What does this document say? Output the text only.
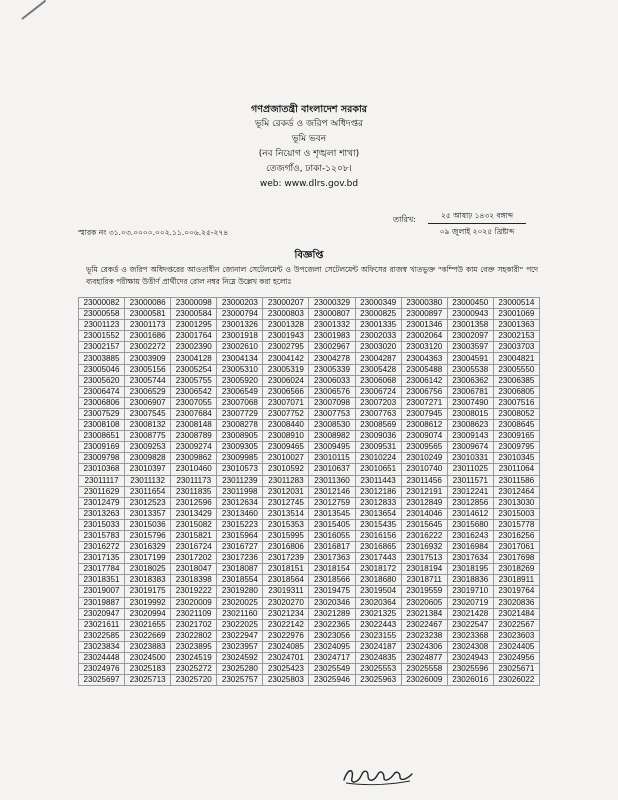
গণপ্রজাতন্ত্রী বাংলাদেশ সরকার
ভূমি রেকর্ড ও জরিপ অধিদপ্তর
ভূমি ভবন
(নব নিয়োগ ও শৃঙ্খলা শাখা)
তেজগাঁও, ঢাকা-১২০৮।
web: www.dlrs.gov.bd
স্মারক নং ৩১.০৩.০০০০.০০২.১১.০০৬.২৫-২৭৪
তারিখ:	২৫ আষাঢ় ১৪৩২ বঙ্গাব্দ
০৯ জুলাই ২০২৫ খ্রিষ্টাব্দ
বিজ্ঞপ্তি
ভূমি রেকর্ড ও জরিপ অধিদপ্তরের আওতাধীন জোনাল সেটেলমেন্ট ও উপজেলা সেটেলমেন্ট অফিসের রাজস্ব খাতভুক্ত "কম্পিউ কাম বেক্ত সহকারী" পদে ব্যবহারিক পরীক্ষায় উত্তীর্ণ প্রার্থীদের রোল নম্বর নিম্নে উল্লেখ করা হলোঃ
23000082	23000086	23000098	23000203	23000207	23000329	23000349	23000380	23000450	23000514
23000558	23000581	23000584	23000794	23000803	23000807	23000825	23000897	23000943	23001069
23001123	23001173	23001295	23001326	23001328	23001332	23001335	23001346	23001358	23001363
23001552	23001686	23001764	23001918	23001943	23001983	23002033	23002064	23002097	23002153
23002157	23002272	23002390	23002610	23002795	23002967	23003020	23003120	23003597	23003703
23003885	23003909	23004128	23004134	23004142	23004278	23004287	23004363	23004591	23004821
23005046	23005156	23005254	23005310	23005319	23005339	23005428	23005488	23005538	23005550
23005620	23005744	23005755	23005920	23006024	23006033	23006068	23006142	23006362	23006385
23006474	23006529	23006542	23006549	23006566	23006576	23006724	23006756	23006781	23006805
23006806	23006907	23007055	23007068	23007071	23007098	23007203	23007271	23007490	23007516
23007529	23007545	23007684	23007729	23007752	23007753	23007763	23007945	23008015	23008052
23008108	23008132	23008148	23008278	23008440	23008530	23008569	23008612	23008623	23008645
23008651	23008775	23008789	23008905	23008910	23008982	23009036	23009074	23009143	23009165
23009169	23009253	23009274	23009305	23009465	23009495	23009531	23009565	23009674	23009795
23009798	23009828	23009862	23009985	23010027	23010115	23010224	23010249	23010331	23010345
23010368	23010397	23010460	23010573	23010592	23010637	23010651	23010740	23011025	23011064
23011117	23011132	23011173	23011239	23011283	23011360	23011443	23011456	23011571	23011586
23011629	23011654	23011835	23011998	23012031	23012146	23012186	23012191	23012241	23012464
23012479	23012523	23012596	23012634	23012745	23012759	23012833	23012849	23012856	23013030
23013263	23013357	23013429	23013460	23013514	23013545	23013654	23014046	23014612	23015003
23015033	23015036	23015082	23015223	23015353	23015405	23015435	23015645	23015680	23015778
23015783	23015796	23015821	23015964	23015995	23016055	23016156	23016222	23016243	23016256
23016272	23016329	23016724	23016727	23016806	23016817	23016865	23016932	23016984	23017061
23017135	23017199	23017202	23017236	23017239	23017363	23017443	23017513	23017634	23017698
23017784	23018025	23018047	23018087	23018151	23018154	23018172	23018194	23018195	23018269
23018351	23018383	23018398	23018554	23018564	23018566	23018680	23018711	23018836	23018911
23019007	23019175	23019222	23019280	23019311	23019475	23019504	23019559	23019710	23019764
23019887	23019992	23020009	23020025	23020270	23020346	23020364	23020605	23020719	23020836
23020947	23020994	23021109	23021160	23021234	23021289	23021325	23021384	23021428	23021484
23021611	23021655	23021702	23022025	23022142	23022365	23022443	23022467	23022547	23022567
23022585	23022669	23022802	23022947	23022976	23023056	23023155	23023238	23023368	23023603
23023834	23023883	23023895	23023957	23024085	23024095	23024187	23024306	23024308	23024405
23024448	23024500	23024519	23024592	23024701	23024717	23024835	23024877	23024943	23024956
23024976	23025183	23025272	23025280	23025423	23025549	23025553	23025558	23025596	23025671
23025697	23025713	23025720	23025757	23025803	23025946	23025963	23026009	23026016	23026022
